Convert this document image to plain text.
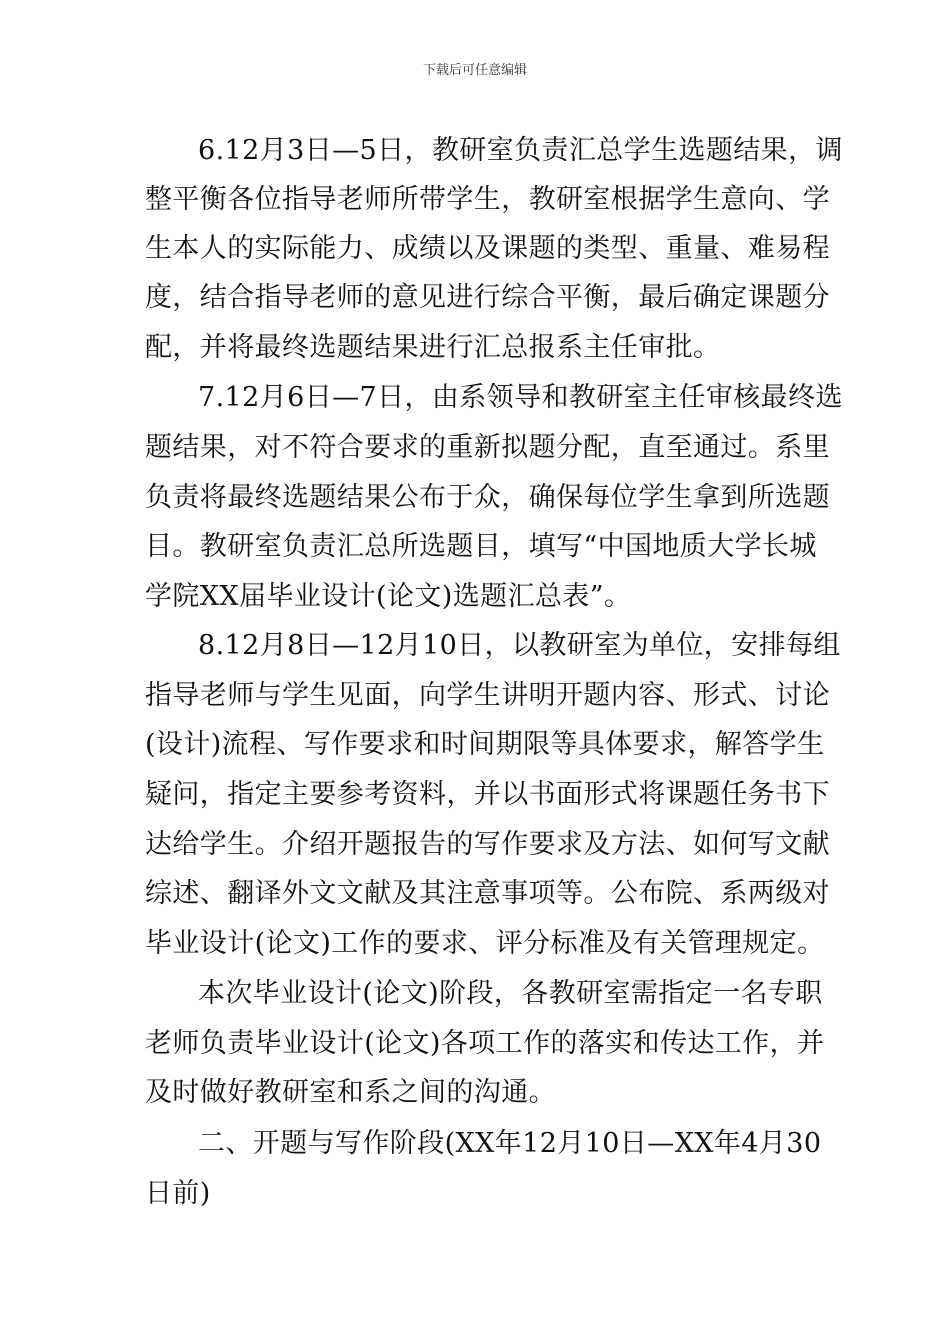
下载后可任意编辑
6.12月3日—5日，教研室负责汇总学生选题结果，调
整平衡各位指导老师所带学生，教研室根据学生意向、学
生本人的实际能力、成绩以及课题的类型、重量、难易程
度，结合指导老师的意见进行综合平衡，最后确定课题分
配，并将最终选题结果进行汇总报系主任审批。
7.12月6日—7日，由系领导和教研室主任审核最终选
题结果，对不符合要求的重新拟题分配，直至通过。系里
负责将最终选题结果公布于众，确保每位学生拿到所选题
目。教研室负责汇总所选题目，填写“中国地质大学长城
学院XX届毕业设计(论文)选题汇总表”。
8.12月8日—12月10日，以教研室为单位，安排每组
指导老师与学生见面，向学生讲明开题内容、形式、讨论
(设计)流程、写作要求和时间期限等具体要求，解答学生
疑问，指定主要参考资料，并以书面形式将课题任务书下
达给学生。介绍开题报告的写作要求及方法、如何写文献
综述、翻译外文文献及其注意事项等。公布院、系两级对
毕业设计(论文)工作的要求、评分标准及有关管理规定。
本次毕业设计(论文)阶段，各教研室需指定一名专职
老师负责毕业设计(论文)各项工作的落实和传达工作，并
及时做好教研室和系之间的沟通。
二、开题与写作阶段(XX年12月10日—XX年4月30
日前)
